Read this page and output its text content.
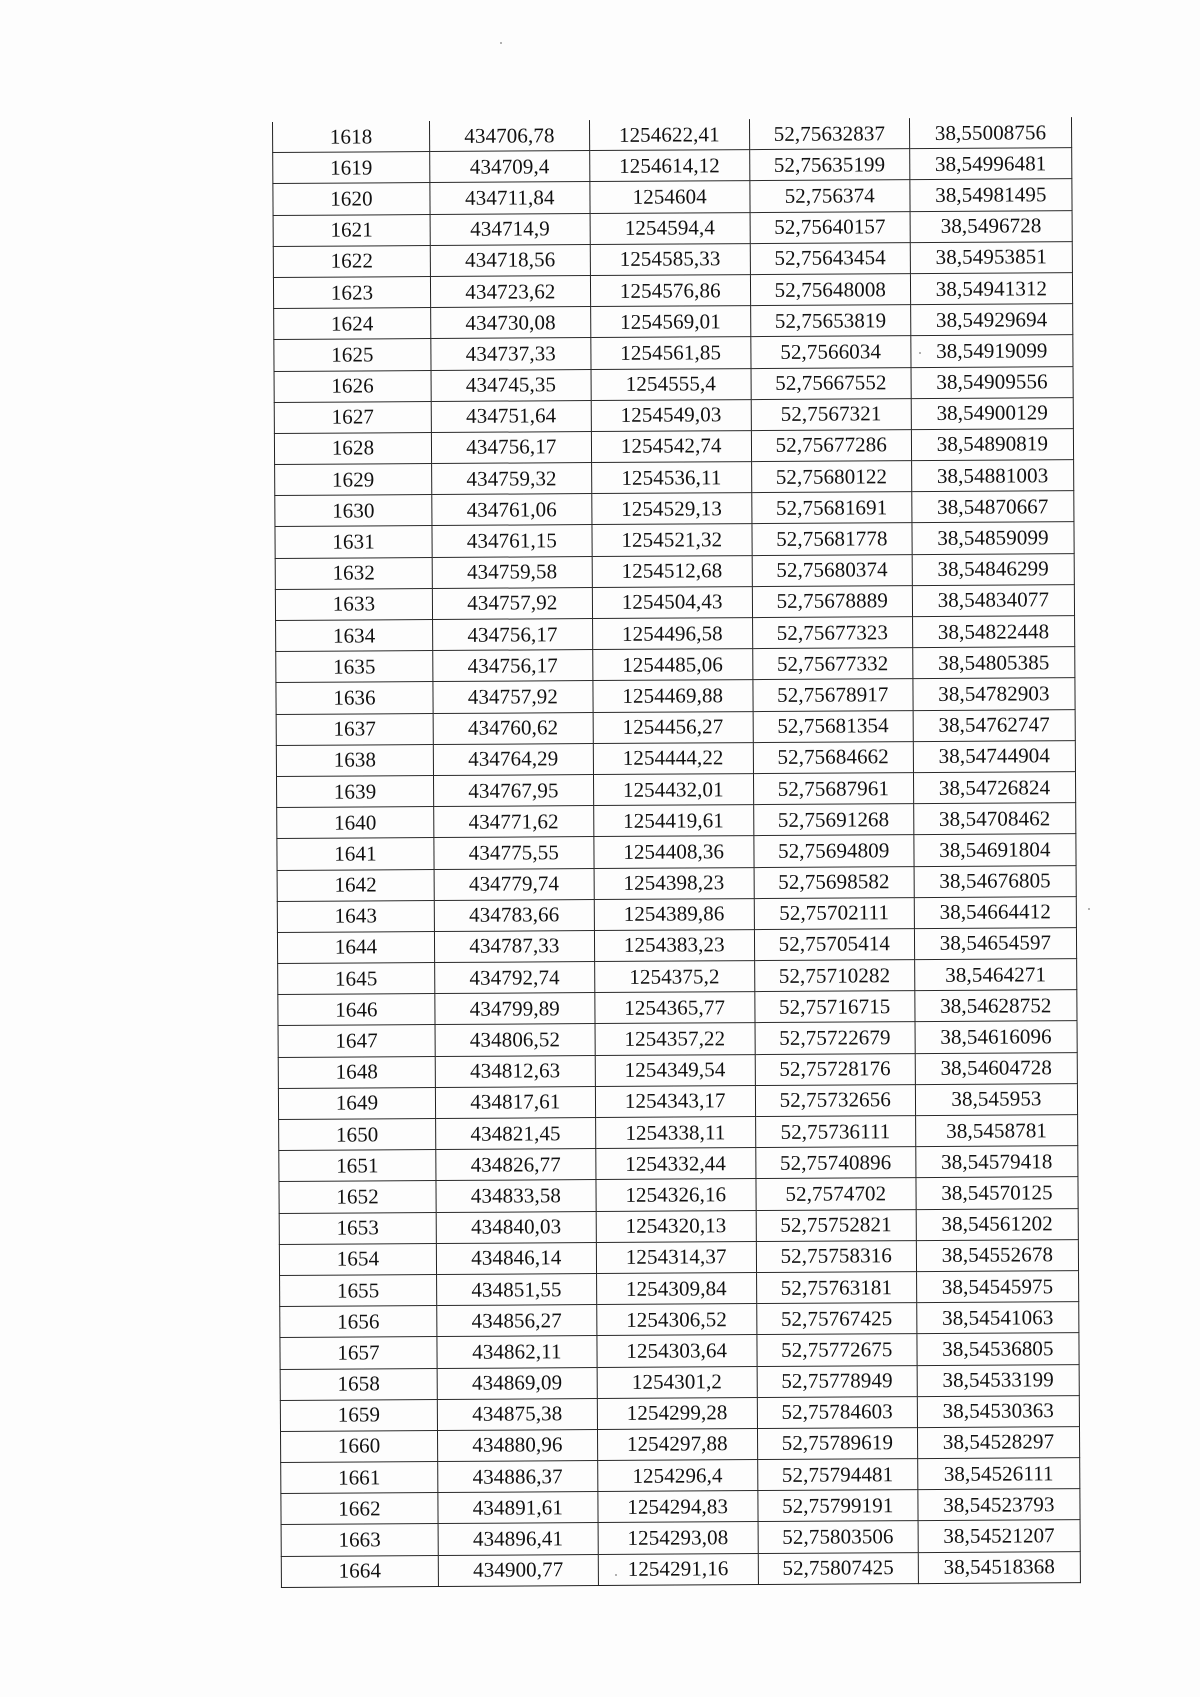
1618	434706,78	1254622,41	52,75632837	38,55008756
1619	434709,4	1254614,12	52,75635199	38,54996481
1620	434711,84	1254604	52,756374	38,54981495
1621	434714,9	1254594,4	52,75640157	38,5496728
1622	434718,56	1254585,33	52,75643454	38,54953851
1623	434723,62	1254576,86	52,75648008	38,54941312
1624	434730,08	1254569,01	52,75653819	38,54929694
1625	434737,33	1254561,85	52,7566034	38,54919099
1626	434745,35	1254555,4	52,75667552	38,54909556
1627	434751,64	1254549,03	52,7567321	38,54900129
1628	434756,17	1254542,74	52,75677286	38,54890819
1629	434759,32	1254536,11	52,75680122	38,54881003
1630	434761,06	1254529,13	52,75681691	38,54870667
1631	434761,15	1254521,32	52,75681778	38,54859099
1632	434759,58	1254512,68	52,75680374	38,54846299
1633	434757,92	1254504,43	52,75678889	38,54834077
1634	434756,17	1254496,58	52,75677323	38,54822448
1635	434756,17	1254485,06	52,75677332	38,54805385
1636	434757,92	1254469,88	52,75678917	38,54782903
1637	434760,62	1254456,27	52,75681354	38,54762747
1638	434764,29	1254444,22	52,75684662	38,54744904
1639	434767,95	1254432,01	52,75687961	38,54726824
1640	434771,62	1254419,61	52,75691268	38,54708462
1641	434775,55	1254408,36	52,75694809	38,54691804
1642	434779,74	1254398,23	52,75698582	38,54676805
1643	434783,66	1254389,86	52,75702111	38,54664412
1644	434787,33	1254383,23	52,75705414	38,54654597
1645	434792,74	1254375,2	52,75710282	38,5464271
1646	434799,89	1254365,77	52,75716715	38,54628752
1647	434806,52	1254357,22	52,75722679	38,54616096
1648	434812,63	1254349,54	52,75728176	38,54604728
1649	434817,61	1254343,17	52,75732656	38,545953
1650	434821,45	1254338,11	52,75736111	38,5458781
1651	434826,77	1254332,44	52,75740896	38,54579418
1652	434833,58	1254326,16	52,7574702	38,54570125
1653	434840,03	1254320,13	52,75752821	38,54561202
1654	434846,14	1254314,37	52,75758316	38,54552678
1655	434851,55	1254309,84	52,75763181	38,54545975
1656	434856,27	1254306,52	52,75767425	38,54541063
1657	434862,11	1254303,64	52,75772675	38,54536805
1658	434869,09	1254301,2	52,75778949	38,54533199
1659	434875,38	1254299,28	52,75784603	38,54530363
1660	434880,96	1254297,88	52,75789619	38,54528297
1661	434886,37	1254296,4	52,75794481	38,54526111
1662	434891,61	1254294,83	52,75799191	38,54523793
1663	434896,41	1254293,08	52,75803506	38,54521207
1664	434900,77	1254291,16	52,75807425	38,54518368
